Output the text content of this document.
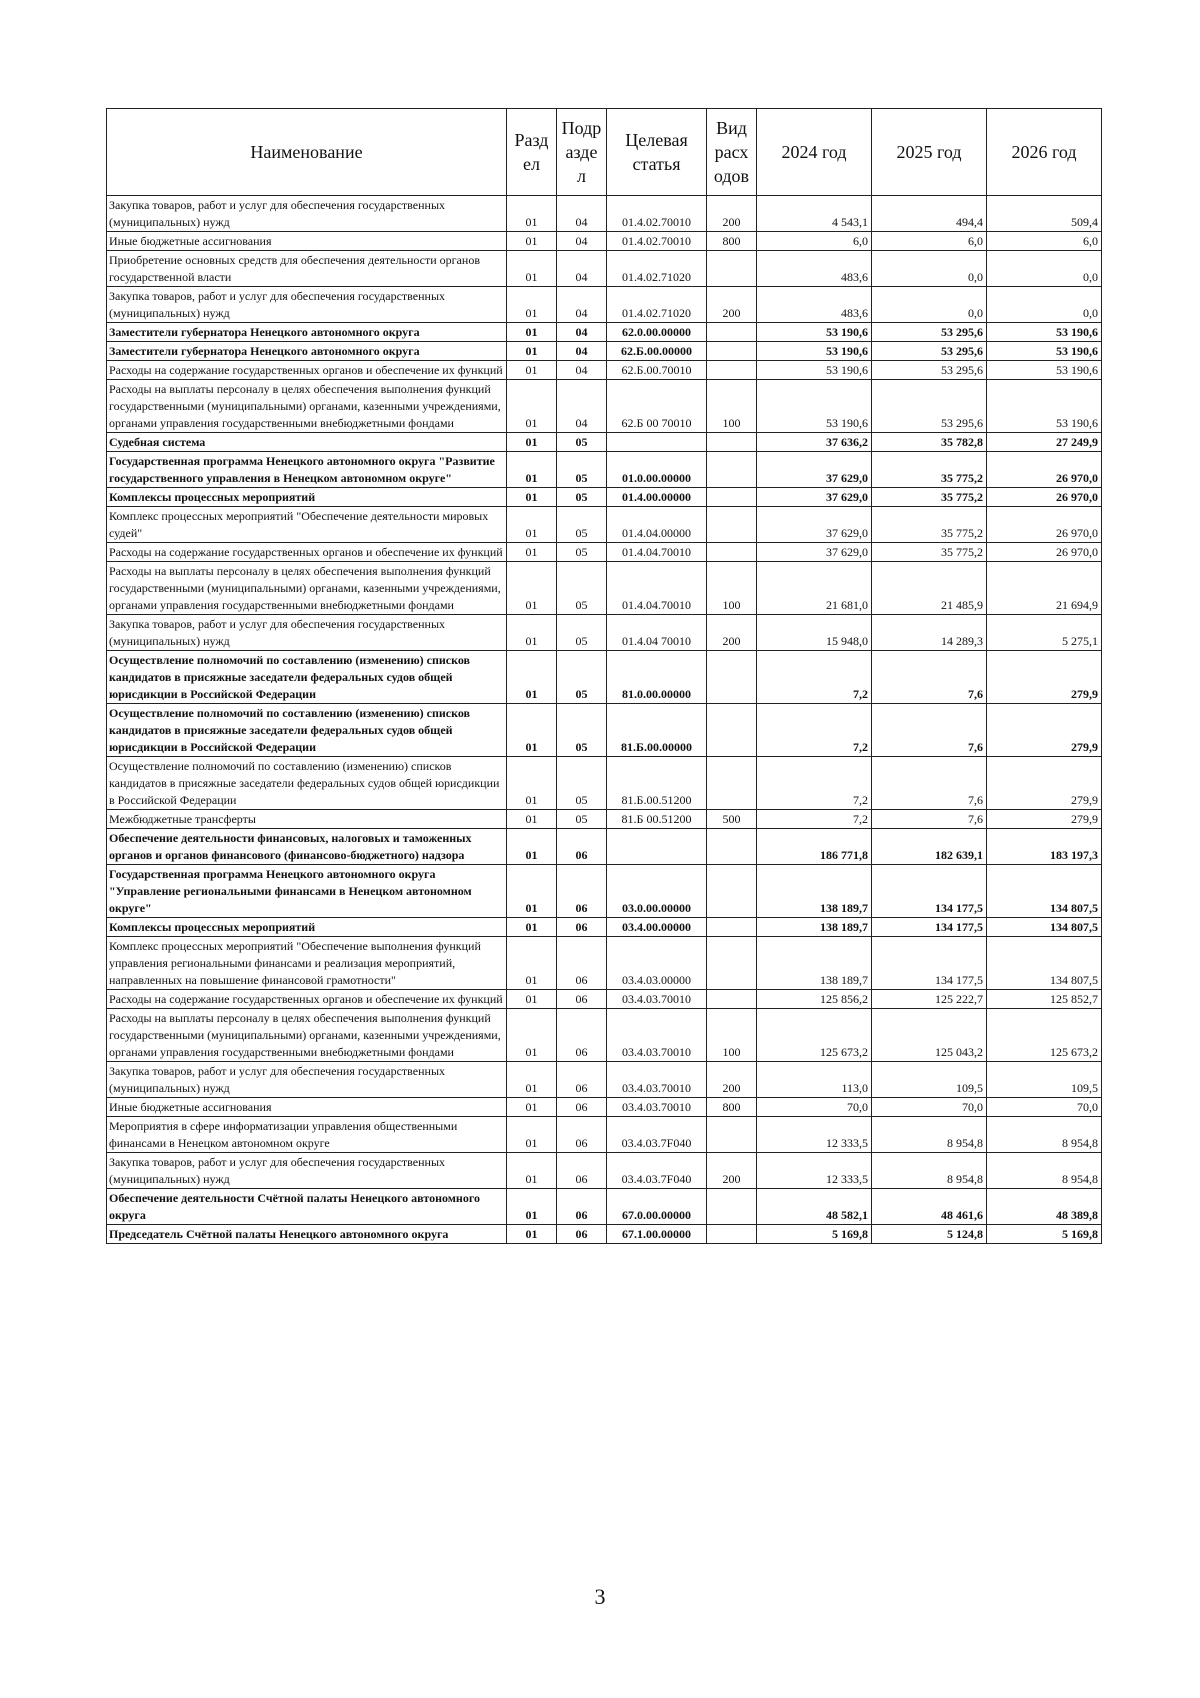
Наименование	Разд ел	Подр азде л	Целевая статья	Вид расх одов	2024 год	2025 год	2026 год
Закупка товаров, работ и услуг для обеспечения государственных (муниципальных) нужд	01	04	01.4.02.70010	200	4 543,1	494,4	509,4
Иные бюджетные ассигнования	01	04	01.4.02.70010	800	6,0	6,0	6,0
Приобретение основных средств для обеспечения деятельности органов государственной власти	01	04	01.4.02.71020		483,6	0,0	0,0
Закупка товаров, работ и услуг для обеспечения государственных (муниципальных) нужд	01	04	01.4.02.71020	200	483,6	0,0	0,0
Заместители губернатора Ненецкого автономного округа	01	04	62.0.00.00000		53 190,6	53 295,6	53 190,6
Заместители губернатора Ненецкого автономного округа	01	04	62.Б.00.00000		53 190,6	53 295,6	53 190,6
Расходы на содержание государственных органов и обеспечение их функций	01	04	62.Б.00.70010		53 190,6	53 295,6	53 190,6
Расходы на выплаты персоналу в целях обеспечения выполнения функций государственными (муниципальными) органами, казенными учреждениями, органами управления государственными внебюджетными фондами	01	04	62.Б 00 70010	100	53 190,6	53 295,6	53 190,6
Судебная система	01	05			37 636,2	35 782,8	27 249,9
Государственная программа Ненецкого автономного округа "Развитие государственного управления в Ненецком автономном округе"	01	05	01.0.00.00000		37 629,0	35 775,2	26 970,0
Комплексы процессных мероприятий	01	05	01.4.00.00000		37 629,0	35 775,2	26 970,0
Комплекс процессных мероприятий "Обеспечение деятельности мировых судей"	01	05	01.4.04.00000		37 629,0	35 775,2	26 970,0
Расходы на содержание государственных органов и обеспечение их функций	01	05	01.4.04.70010		37 629,0	35 775,2	26 970,0
Расходы на выплаты персоналу в целях обеспечения выполнения функций государственными (муниципальными) органами, казенными учреждениями, органами управления государственными внебюджетными фондами	01	05	01.4.04.70010	100	21 681,0	21 485,9	21 694,9
Закупка товаров, работ и услуг для обеспечения государственных (муниципальных) нужд	01	05	01.4.04 70010	200	15 948,0	14 289,3	5 275,1
Осуществление полномочий по составлению (изменению) списков кандидатов в присяжные заседатели федеральных судов общей юрисдикции в Российской Федерации	01	05	81.0.00.00000		7,2	7,6	279,9
Осуществление полномочий по составлению (изменению) списков кандидатов в присяжные заседатели федеральных судов общей юрисдикции в Российской Федерации	01	05	81.Б.00.00000		7,2	7,6	279,9
Осуществление полномочий по составлению (изменению) списков кандидатов в присяжные заседатели федеральных судов общей юрисдикции в Российской Федерации	01	05	81.Б.00.51200		7,2	7,6	279,9
Межбюджетные трансферты	01	05	81.Б 00.51200	500	7,2	7,6	279,9
Обеспечение деятельности финансовых, налоговых и таможенных органов и органов финансового (финансово-бюджетного) надзора	01	06			186 771,8	182 639,1	183 197,3
Государственная программа Ненецкого автономного округа "Управление региональными финансами в Ненецком автономном округе"	01	06	03.0.00.00000		138 189,7	134 177,5	134 807,5
Комплексы процессных мероприятий	01	06	03.4.00.00000		138 189,7	134 177,5	134 807,5
Комплекс процессных мероприятий "Обеспечение выполнения функций управления региональными финансами и реализация мероприятий, направленных на повышение финансовой грамотности"	01	06	03.4.03.00000		138 189,7	134 177,5	134 807,5
Расходы на содержание государственных органов и обеспечение их функций	01	06	03.4.03.70010		125 856,2	125 222,7	125 852,7
Расходы на выплаты персоналу в целях обеспечения выполнения функций государственными (муниципальными) органами, казенными учреждениями, органами управления государственными внебюджетными фондами	01	06	03.4.03.70010	100	125 673,2	125 043,2	125 673,2
Закупка товаров, работ и услуг для обеспечения государственных (муниципальных) нужд	01	06	03.4.03.70010	200	113,0	109,5	109,5
Иные бюджетные ассигнования	01	06	03.4.03.70010	800	70,0	70,0	70,0
Мероприятия в сфере информатизации управления общественными финансами в Ненецком автономном округе	01	06	03.4.03.7F040		12 333,5	8 954,8	8 954,8
Закупка товаров, работ и услуг для обеспечения государственных (муниципальных) нужд	01	06	03.4.03.7F040	200	12 333,5	8 954,8	8 954,8
Обеспечение деятельности Счётной палаты Ненецкого автономного округа	01	06	67.0.00.00000		48 582,1	48 461,6	48 389,8
Председатель Счётной палаты Ненецкого автономного округа	01	06	67.1.00.00000		5 169,8	5 124,8	5 169,8
3
